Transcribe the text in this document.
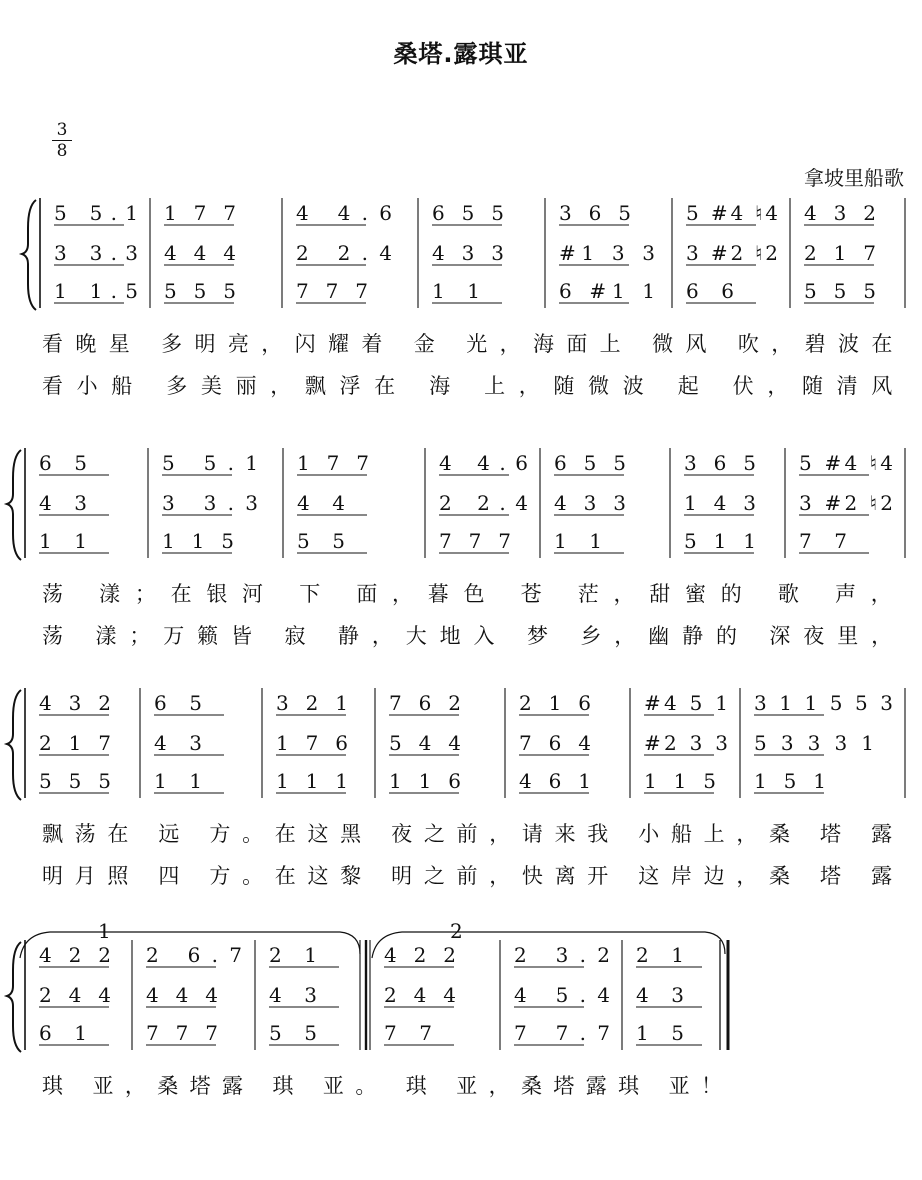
桑塔.露琪亚
$\frac{3}{8}$
拿坡里船歌
5 5.1
3 3.3
1 1.5
1 7 7
4 4 4
5 5 5
4 4.6
2 2.4
7 7 7
6 5 5
4 3 3
1 1
3 6 5
#1 3 3
6 #1 1
5 #4 ♮4
3 #2 ♮2
6 6
4 3 2
2 1 7
5 5 5
看晚星 多明亮，闪耀着 金 光，海面上 微风 吹，碧波在
看小船 多美丽，飘浮在 海 上，随微波 起 伏，随清风
6 5
4 3
1 1
5 5.1
3 3.3
1 1 5
1 7 7
4 4
5 5
4 4.6
2 2.4
7 7 7
6 5 5
4 3 3
1 1
3 6 5
1 4 3
5 1 1
5 #4 ♮4
3 #2 ♮2
7 7
荡 漾；在银河 下 面，暮色 苍 茫，甜蜜的 歌 声，
荡 漾；万籁皆 寂 静，大地入 梦 乡，幽静的 深夜里，
4 3 2
2 1 7
5 5 5
6 5
4 3
1 1
3 2 1
1 7 6
1 1 1
7 6 2
5 4 4
1 1 6
2 1 6
7 6 4
4 6 1
#4 5 1
#2 3 3
1 1 5
3 1 1 5 5 3
5 3 3 3 1
1 5 1
飘荡在 远 方。在这黑 夜之前，请来我 小船上，桑 塔 露
明月照 四 方。在这黎 明之前，快离开 这岸边，桑 塔 露
1	2
4 2 2
2 4 4
6 1
2 6.7
4 4 4
7 7 7
2 1
4 3
5 5
4 2 2
2 4 4
7 7
2 3.2
4 5.4
7 7.7
2 1
4 3
1 5
琪 亚，桑塔露 琪 亚。 琪 亚，桑塔露琪 亚！
